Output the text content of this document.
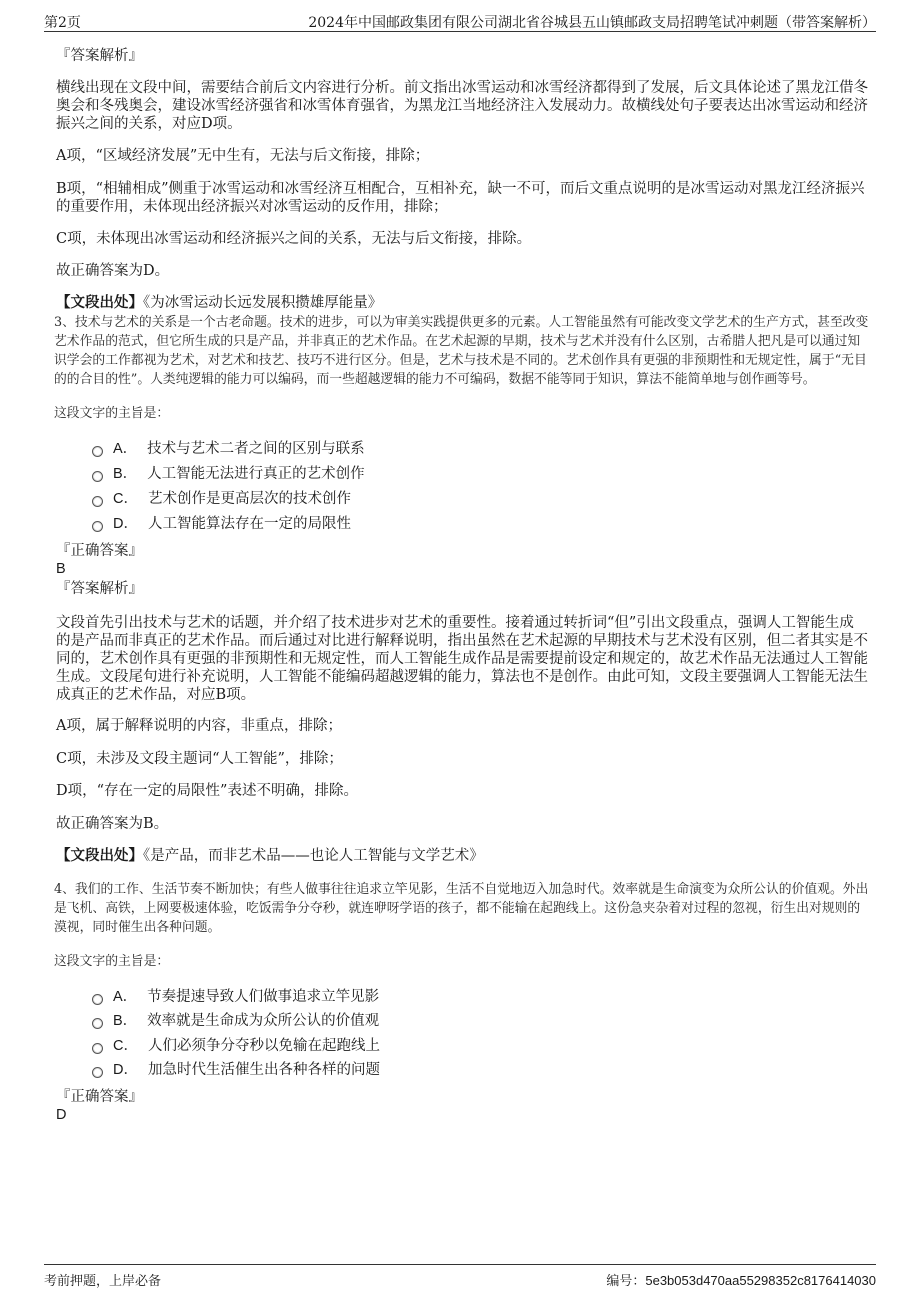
第2页	2024年中国邮政集团有限公司湖北省谷城县五山镇邮政支局招聘笔试冲刺题（带答案解析）
『答案解析』
横线出现在文段中间，需要结合前后文内容进行分析。前文指出冰雪运动和冰雪经济都得到了发展，后文具体论述了黑龙江借冬奥会和冬残奥会，建设冰雪经济强省和冰雪体育强省，为黑龙江当地经济注入发展动力。故横线处句子要表达出冰雪运动和经济振兴之间的关系，对应D项。
A项，“区域经济发展”无中生有，无法与后文衔接，排除；
B项，“相辅相成”侧重于冰雪运动和冰雪经济互相配合，互相补充，缺一不可，而后文重点说明的是冰雪运动对黑龙江经济振兴的重要作用，未体现出经济振兴对冰雪运动的反作用，排除；
C项，未体现出冰雪运动和经济振兴之间的关系，无法与后文衔接，排除。
故正确答案为D。
【文段出处】《为冰雪运动长远发展积攒雄厚能量》
3、技术与艺术的关系是一个古老命题。技术的进步，可以为审美实践提供更多的元素。人工智能虽然有可能改变文学艺术的生产方式，甚至改变艺术作品的范式，但它所生成的只是产品，并非真正的艺术作品。在艺术起源的早期，技术与艺术并没有什么区别，古希腊人把凡是可以通过知识学会的工作都视为艺术，对艺术和技艺、技巧不进行区分。但是，艺术与技术是不同的。艺术创作具有更强的非预期性和无规定性，属于“无目的的合目的性”。人类纯逻辑的能力可以编码，而一些超越逻辑的能力不可编码，数据不能等同于知识，算法不能简单地与创作画等号。
这段文字的主旨是：
A． 技术与艺术二者之间的区别与联系
B． 人工智能无法进行真正的艺术创作
C． 艺术创作是更高层次的技术创作
D． 人工智能算法存在一定的局限性
『正确答案』
B
『答案解析』
文段首先引出技术与艺术的话题，并介绍了技术进步对艺术的重要性。接着通过转折词“但”引出文段重点，强调人工智能生成的是产品而非真正的艺术作品。而后通过对比进行解释说明，指出虽然在艺术起源的早期技术与艺术没有区别，但二者其实是不同的，艺术创作具有更强的非预期性和无规定性，而人工智能生成作品是需要提前设定和规定的，故艺术作品无法通过人工智能生成。文段尾句进行补充说明，人工智能不能编码超越逻辑的能力，算法也不是创作。由此可知，文段主要强调人工智能无法生成真正的艺术作品，对应B项。
A项，属于解释说明的内容，非重点，排除；
C项，未涉及文段主题词“人工智能”，排除；
D项，“存在一定的局限性”表述不明确，排除。
故正确答案为B。
【文段出处】《是产品，而非艺术品——也论人工智能与文学艺术》
4、我们的工作、生活节奏不断加快；有些人做事往往追求立竿见影，生活不自觉地迈入加急时代。效率就是生命演变为众所公认的价值观。外出是飞机、高铁，上网要极速体验，吃饭需争分夺秒，就连咿呀学语的孩子，都不能输在起跑线上。这份急夹杂着对过程的忽视，衍生出对规则的漠视，同时催生出各种问题。
这段文字的主旨是：
A． 节奏提速导致人们做事追求立竿见影
B． 效率就是生命成为众所公认的价值观
C． 人们必须争分夺秒以免输在起跑线上
D． 加急时代生活催生出各种各样的问题
『正确答案』
D
考前押题，上岸必备	编号：5e3b053d470aa55298352c8176414030
